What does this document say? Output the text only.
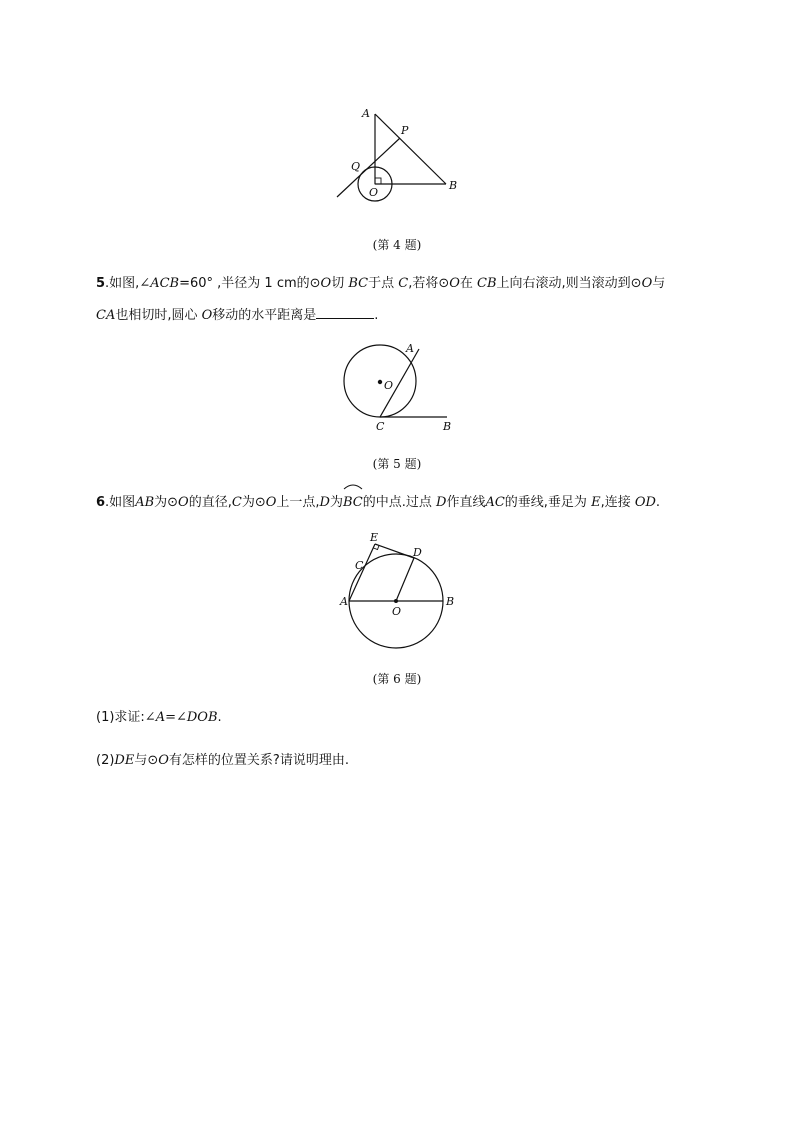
A
P
Q
O
B
(第 4 题)
5.如图,∠ACB=60° ,半径为 1 cm的⊙O切 BC于点 C,若将⊙O在 CB上向右滚动,则当滚动到⊙O与
CA也相切时,圆心 O移动的水平距离是	.
A
O
C	B
(第 5 题)
6.如图AB为⊙O的直径,C为⊙O上一点,D为
BC的中点.过点 D作直线AC的垂线,垂足为 E,连接 OD.
E
D
C
A
O
B
(第 6 题)
(1)求证:∠A=∠DOB.
(2)DE与⊙O有怎样的位置关系?请说明理由.
